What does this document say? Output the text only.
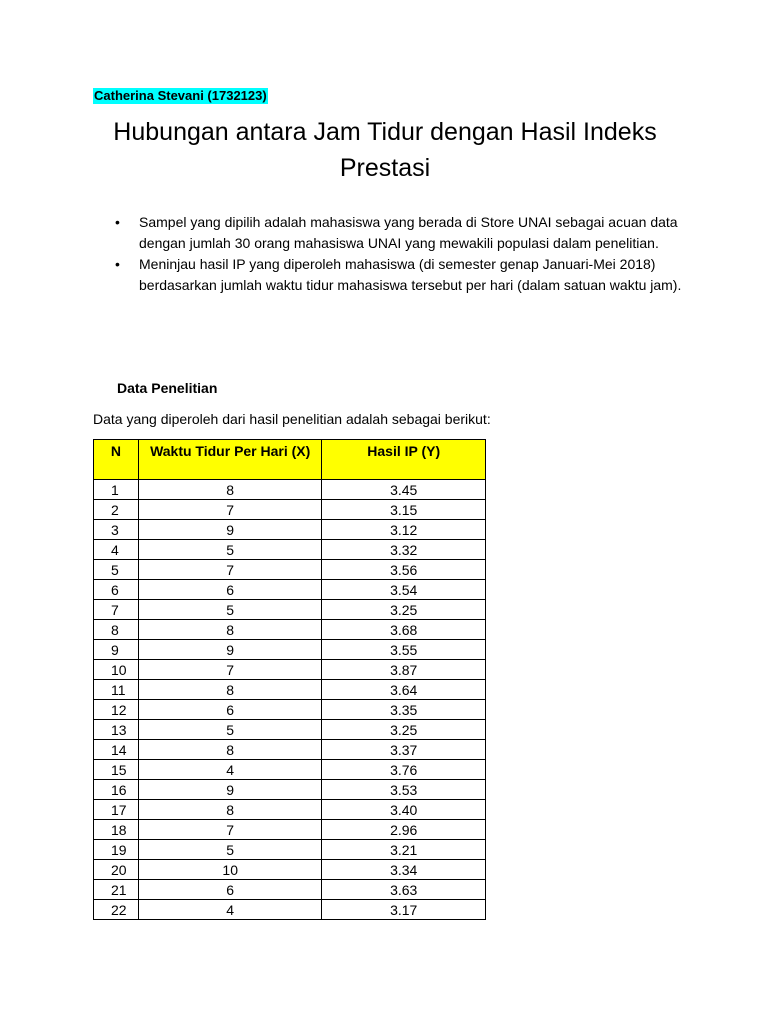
Catherina Stevani (1732123)
Hubungan antara Jam Tidur dengan Hasil Indeks Prestasi
• Sampel yang dipilih adalah mahasiswa yang berada di Store UNAI sebagai acuan data dengan jumlah 30 orang mahasiswa UNAI yang mewakili populasi dalam penelitian.
• Meninjau hasil IP yang diperoleh mahasiswa (di semester genap Januari-Mei 2018) berdasarkan jumlah waktu tidur mahasiswa tersebut per hari (dalam satuan waktu jam).
Data Penelitian

Data yang diperoleh dari hasil penelitian adalah sebagai berikut:

N	Waktu Tidur Per Hari (X)	Hasil IP (Y)
1	8	3.45
2	7	3.15
3	9	3.12
4	5	3.32
5	7	3.56
6	6	3.54
7	5	3.25
8	8	3.68
9	9	3.55
10	7	3.87
11	8	3.64
12	6	3.35
13	5	3.25
14	8	3.37
15	4	3.76
16	9	3.53
17	8	3.40
18	7	2.96
19	5	3.21
20	10	3.34
21	6	3.63
22	4	3.17
